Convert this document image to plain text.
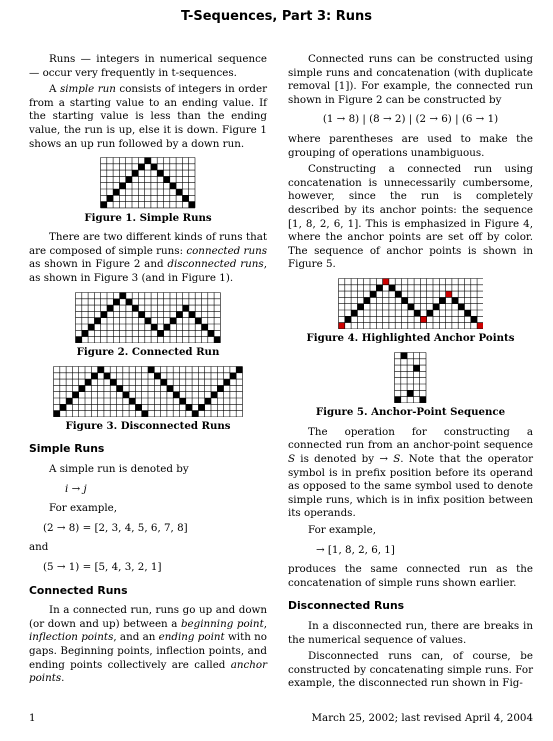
T-Sequences, Part 3: Runs

Runs — integers in numerical sequence — occur very frequently in t-sequences.

A simple run consists of integers in order from a starting value to an ending value. If the starting value is less than the ending value, the run is up, else it is down. Figure 1 shows an up run followed by a down run.

Figure 1. Simple Runs

There are two different kinds of runs that are composed of simple runs: connected runs as shown in Figure 2 and disconnected runs, as shown in Figure 3 (and in Figure 1).

Figure 2. Connected Run
Figure 3. Disconnected Runs
Simple Runs

A simple run is denoted by

i → j

For example,

(2 → 8) = [2, 3, 4, 5, 6, 7, 8]

and

(5 → 1) = [5, 4, 3, 2, 1]

Connected Runs

In a connected run, runs go up and down (or down and up) between a beginning point, inflection points, and an ending point with no gaps. Beginning points, inflection points, and ending points collectively are called anchor points.

Connected runs can be constructed using simple runs and concatenation (with duplicate removal [1]). For example, the connected run shown in Figure 2 can be constructed by

(1 → 8) | (8 → 2) | (2 → 6) | (6 → 1)

where parentheses are used to make the grouping of operations unambiguous.

Constructing a connected run using concatenation is unnecessarily cumbersome, however, since the run is completely described by its anchor points: the sequence [1, 8, 2, 6, 1]. This is emphasized in Figure 4, where the anchor points are set off by color. The sequence of anchor points is shown in Figure 5.

Figure 4. Highlighted Anchor Points
Figure 5. Anchor-Point Sequence

The operation for constructing a connected run from an anchor-point sequence S is denoted by → S. Note that the operator symbol is in prefix position before its operand as opposed to the same symbol used to denote simple runs, which is in infix position between its operands.

For example,

→ [1, 8, 2, 6, 1]

produces the same connected run as the concatenation of simple runs shown earlier.

Disconnected Runs

In a disconnected run, there are breaks in the numerical sequence of values.

Disconnected runs can, of course, be constructed by concatenating simple runs. For example, the disconnected run shown in Fig-

1	March 25, 2002; last revised April 4, 2004
